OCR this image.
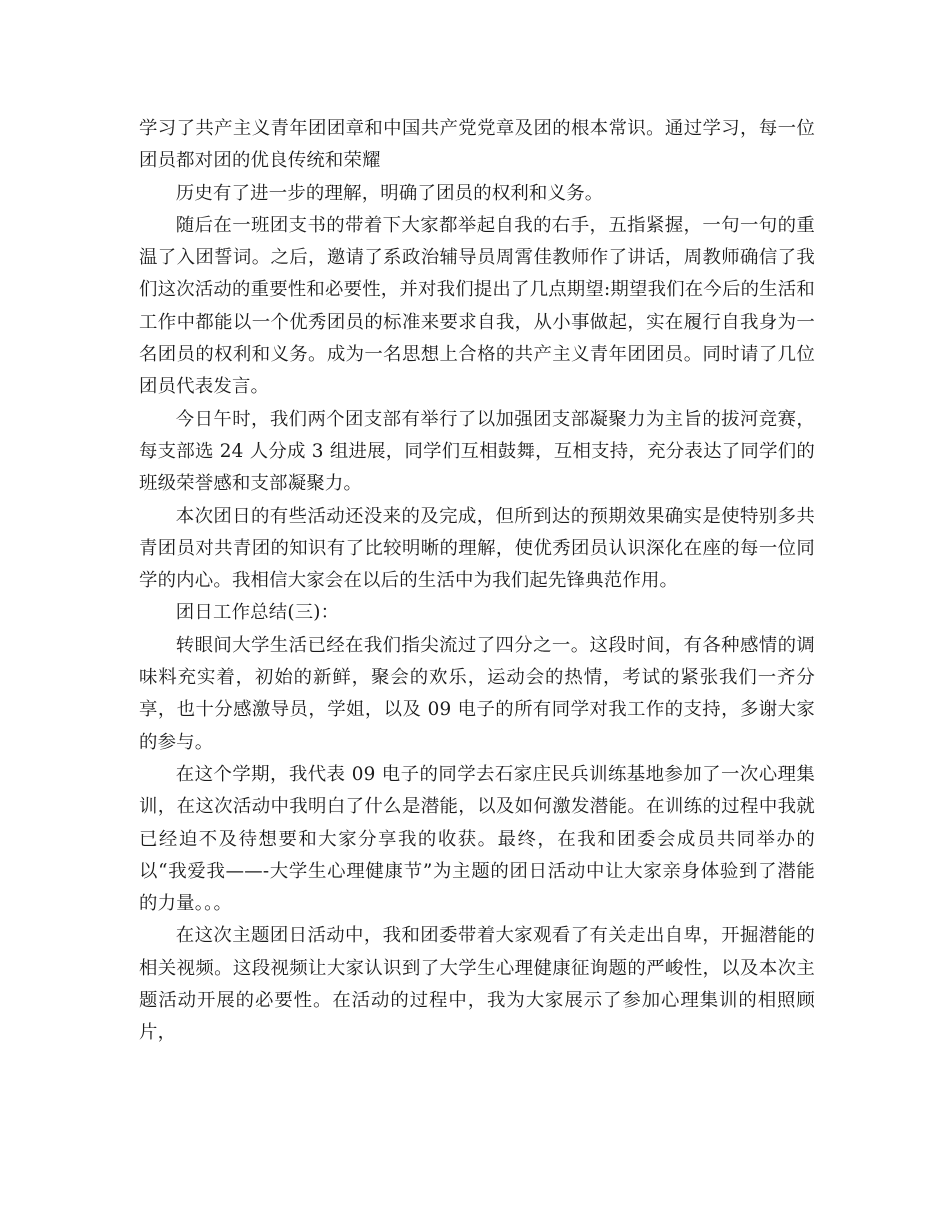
学习了共产主义青年团团章和中国共产党党章及团的根本常识。通过学习，每一位团员都对团的优良传统和荣耀

历史有了进一步的理解，明确了团员的权利和义务。

随后在一班团支书的带着下大家都举起自我的右手，五指紧握，一句一句的重温了入团誓词。之后，邀请了系政治辅导员周霄佳教师作了讲话，周教师确信了我们这次活动的重要性和必要性，并对我们提出了几点期望:期望我们在今后的生活和工作中都能以一个优秀团员的标准来要求自我，从小事做起，实在履行自我身为一名团员的权利和义务。成为一名思想上合格的共产主义青年团团员。同时请了几位团员代表发言。

今日午时，我们两个团支部有举行了以加强团支部凝聚力为主旨的拔河竞赛，每支部选 24 人分成 3 组进展，同学们互相鼓舞，互相支持，充分表达了同学们的班级荣誉感和支部凝聚力。

本次团日的有些活动还没来的及完成，但所到达的预期效果确实是使特别多共青团员对共青团的知识有了比较明晰的理解，使优秀团员认识深化在座的每一位同学的内心。我相信大家会在以后的生活中为我们起先锋典范作用。

团日工作总结(三)：

转眼间大学生活已经在我们指尖流过了四分之一。这段时间，有各种感情的调味料充实着，初始的新鲜，聚会的欢乐，运动会的热情，考试的紧张我们一齐分享，也十分感激导员，学姐，以及 09 电子的所有同学对我工作的支持，多谢大家的参与。

在这个学期，我代表 09 电子的同学去石家庄民兵训练基地参加了一次心理集训，在这次活动中我明白了什么是潜能，以及如何激发潜能。在训练的过程中我就已经迫不及待想要和大家分享我的收获。最终，在我和团委会成员共同举办的以“我爱我——-大学生心理健康节”为主题的团日活动中让大家亲身体验到了潜能的力量。。。

在这次主题团日活动中，我和团委带着大家观看了有关走出自卑，开掘潜能的相关视频。这段视频让大家认识到了大学生心理健康征询题的严峻性，以及本次主题活动开展的必要性。在活动的过程中，我为大家展示了参加心理集训的相照顾片，
